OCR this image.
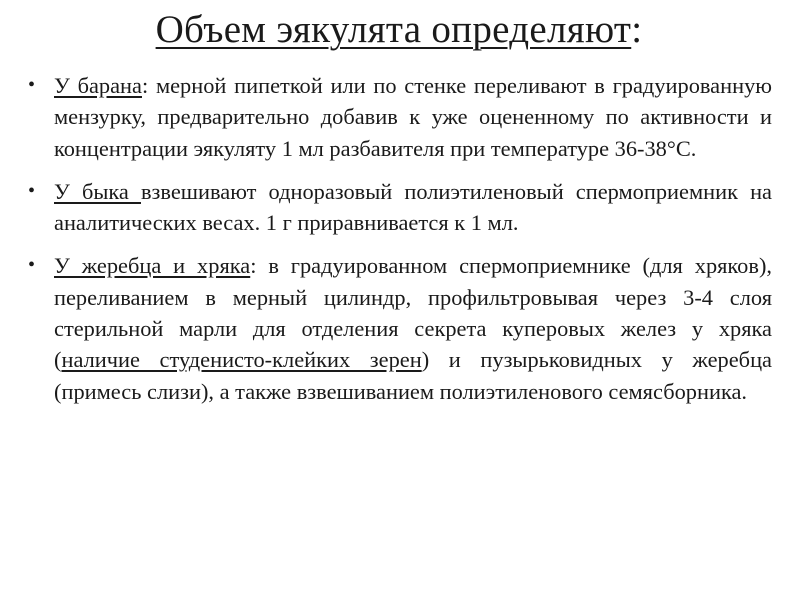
Объем эякулята определяют:
• У барана: мерной пипеткой или по стенке переливают в градуированную мензурку, предварительно добавив к уже оцененному по активности и концентрации эякуляту 1 мл разбавителя при температуре 36-38°С.
• У быка взвешивают одноразовый полиэтиленовый спермоприемник на аналитических весах. 1 г приравнивается к 1 мл.
• У жеребца и хряка: в градуированном спермоприемнике (для хряков), переливанием в мерный цилиндр, профильтровывая через 3-4 слоя стерильной марли для отделения секрета куперовых желез у хряка (наличие студенисто-клейких зерен) и пузырьковидных у жеребца (примесь слизи), а также взвешиванием полиэтиленового семясборника.
